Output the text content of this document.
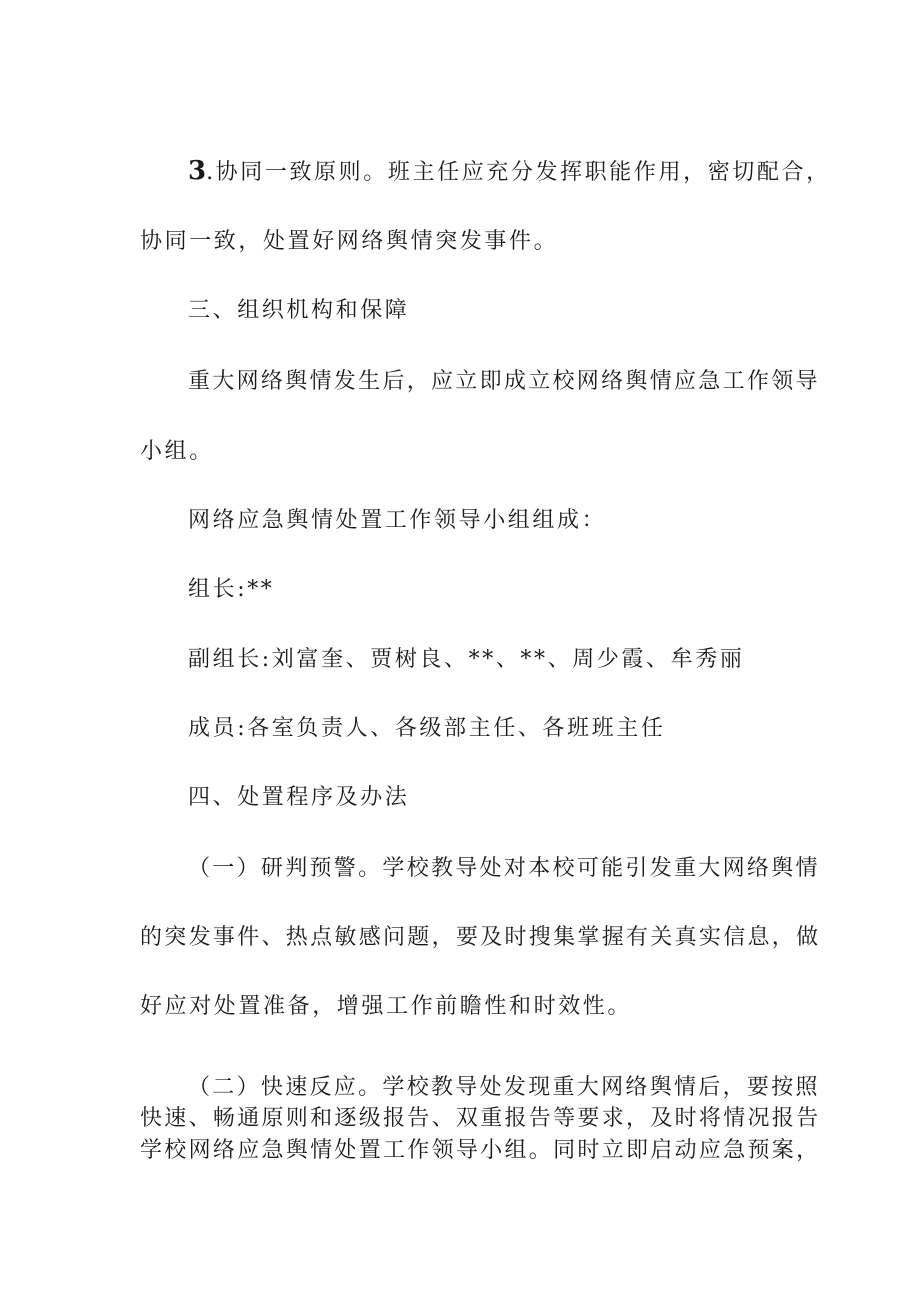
3.协同一致原则。班主任应充分发挥职能作用，密切配合，
协同一致，处置好网络舆情突发事件。
三、组织机构和保障
重大网络舆情发生后，应立即成立校网络舆情应急工作领导
小组。
网络应急舆情处置工作领导小组组成：
组长:**
副组长:刘富奎、贾树良、**、**、周少霞、牟秀丽
成员:各室负责人、各级部主任、各班班主任
四、处置程序及办法
（一）研判预警。学校教导处对本校可能引发重大网络舆情
的突发事件、热点敏感问题，要及时搜集掌握有关真实信息，做
好应对处置准备，增强工作前瞻性和时效性。
（二）快速反应。学校教导处发现重大网络舆情后，要按照
快速、畅通原则和逐级报告、双重报告等要求，及时将情况报告
学校网络应急舆情处置工作领导小组。同时立即启动应急预案，
